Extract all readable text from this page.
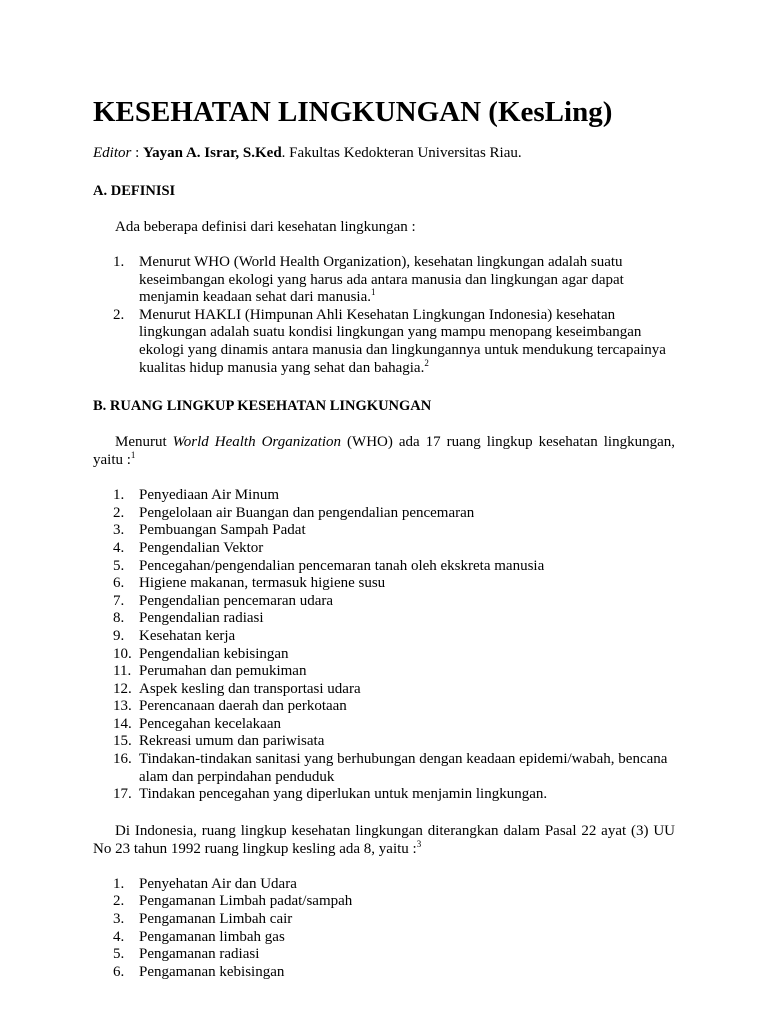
KESEHATAN LINGKUNGAN (KesLing)
Editor : Yayan A. Israr, S.Ked. Fakultas Kedokteran Universitas Riau.
A. DEFINISI
Ada beberapa definisi dari kesehatan lingkungan :
1. Menurut WHO (World Health Organization), kesehatan lingkungan adalah suatu keseimbangan ekologi yang harus ada antara manusia dan lingkungan agar dapat menjamin keadaan sehat dari manusia.$^1$
2. Menurut HAKLI (Himpunan Ahli Kesehatan Lingkungan Indonesia) kesehatan lingkungan adalah suatu kondisi lingkungan yang mampu menopang keseimbangan ekologi yang dinamis antara manusia dan lingkungannya untuk mendukung tercapainya kualitas hidup manusia yang sehat dan bahagia.$^2$
B. RUANG LINGKUP KESEHATAN LINGKUNGAN
Menurut World Health Organization (WHO) ada 17 ruang lingkup kesehatan lingkungan, yaitu :$^1$
1. Penyediaan Air Minum
2. Pengelolaan air Buangan dan pengendalian pencemaran
3. Pembuangan Sampah Padat
4. Pengendalian Vektor
5. Pencegahan/pengendalian pencemaran tanah oleh ekskreta manusia
6. Higiene makanan, termasuk higiene susu
7. Pengendalian pencemaran udara
8. Pengendalian radiasi
9. Kesehatan kerja
10. Pengendalian kebisingan
11. Perumahan dan pemukiman
12. Aspek kesling dan transportasi udara
13. Perencanaan daerah dan perkotaan
14. Pencegahan kecelakaan
15. Rekreasi umum dan pariwisata
16. Tindakan-tindakan sanitasi yang berhubungan dengan keadaan epidemi/wabah, bencana alam dan perpindahan penduduk
17. Tindakan pencegahan yang diperlukan untuk menjamin lingkungan.
Di Indonesia, ruang lingkup kesehatan lingkungan diterangkan dalam Pasal 22 ayat (3) UU No 23 tahun 1992 ruang lingkup kesling ada 8, yaitu :$^3$
1. Penyehatan Air dan Udara
2. Pengamanan Limbah padat/sampah
3. Pengamanan Limbah cair
4. Pengamanan limbah gas
5. Pengamanan radiasi
6. Pengamanan kebisingan
